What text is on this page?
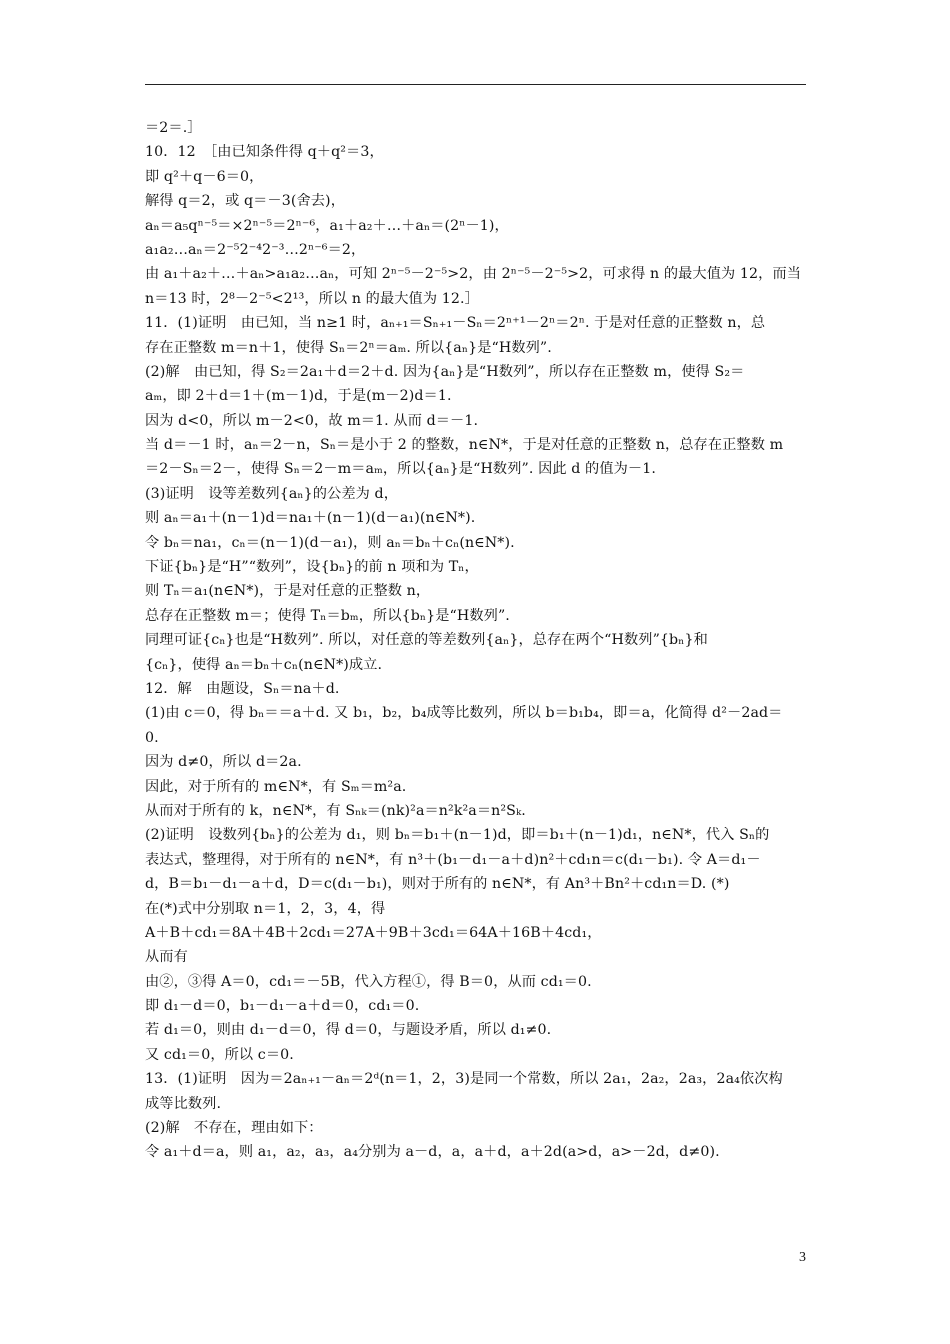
＝2＝.］
10．12　［由已知条件得 q＋q²＝3，
即 q²＋q－6＝0，
解得 q＝2，或 q＝－3(舍去)，
aₙ＝a₅qⁿ⁻⁵＝×2ⁿ⁻⁵＝2ⁿ⁻⁶，a₁＋a₂＋…＋aₙ＝(2ⁿ－1)，
a₁a₂…aₙ＝2⁻⁵2⁻⁴2⁻³…2ⁿ⁻⁶＝2，
由 a₁＋a₂＋…＋aₙ>a₁a₂…aₙ，可知 2ⁿ⁻⁵－2⁻⁵>2，由 2ⁿ⁻⁵－2⁻⁵>2，可求得 n 的最大值为 12，而当
n＝13 时，2⁸－2⁻⁵<2¹³，所以 n 的最大值为 12.］
11．(1)证明　由已知，当 n≥1 时，aₙ₊₁＝Sₙ₊₁－Sₙ＝2ⁿ⁺¹－2ⁿ＝2ⁿ. 于是对任意的正整数 n，总
存在正整数 m＝n＋1，使得 Sₙ＝2ⁿ＝aₘ. 所以{aₙ}是“H数列”.
(2)解　由已知，得 S₂＝2a₁＋d＝2＋d. 因为{aₙ}是“H数列”，所以存在正整数 m，使得 S₂＝
aₘ，即 2＋d＝1＋(m－1)d，于是(m－2)d＝1.
因为 d<0，所以 m－2<0，故 m＝1. 从而 d＝－1.
当 d＝－1 时，aₙ＝2－n，Sₙ＝是小于 2 的整数，n∈N*，于是对任意的正整数 n，总存在正整数 m
＝2－Sₙ＝2－，使得 Sₙ＝2－m＝aₘ，所以{aₙ}是“H数列”. 因此 d 的值为－1.
(3)证明　设等差数列{aₙ}的公差为 d，
则 aₙ＝a₁＋(n－1)d＝na₁＋(n－1)(d－a₁)(n∈N*).
令 bₙ＝na₁，cₙ＝(n－1)(d－a₁)，则 aₙ＝bₙ＋cₙ(n∈N*).
下证{bₙ}是“H”“数列”，设{bₙ}的前 n 项和为 Tₙ，
则 Tₙ＝a₁(n∈N*)，于是对任意的正整数 n，
总存在正整数 m＝；使得 Tₙ＝bₘ，所以{bₙ}是“H数列”.
同理可证{cₙ}也是“H数列”. 所以，对任意的等差数列{aₙ}，总存在两个“H数列”{bₙ}和
{cₙ}，使得 aₙ＝bₙ＋cₙ(n∈N*)成立.
12．解　由题设，Sₙ＝na＋d.
(1)由 c＝0，得 bₙ＝＝a＋d. 又 b₁，b₂，b₄成等比数列，所以 b＝b₁b₄，即＝a，化简得 d²－2ad＝
0.
因为 d≠0，所以 d＝2a.
因此，对于所有的 m∈N*，有 Sₘ＝m²a.
从而对于所有的 k，n∈N*，有 Sₙₖ＝(nk)²a＝n²k²a＝n²Sₖ.
(2)证明　设数列{bₙ}的公差为 d₁，则 bₙ＝b₁＋(n－1)d，即＝b₁＋(n－1)d₁，n∈N*，代入 Sₙ的
表达式，整理得，对于所有的 n∈N*，有 n³＋(b₁－d₁－a＋d)n²＋cd₁n＝c(d₁－b₁). 令 A＝d₁－
d，B＝b₁－d₁－a＋d，D＝c(d₁－b₁)，则对于所有的 n∈N*，有 An³＋Bn²＋cd₁n＝D. (*)
在(*)式中分别取 n＝1，2，3，4，得
A＋B＋cd₁＝8A＋4B＋2cd₁＝27A＋9B＋3cd₁＝64A＋16B＋4cd₁，
从而有
由②，③得 A＝0，cd₁＝－5B，代入方程①，得 B＝0，从而 cd₁＝0.
即 d₁－d＝0，b₁－d₁－a＋d＝0，cd₁＝0.
若 d₁＝0，则由 d₁－d＝0，得 d＝0，与题设矛盾，所以 d₁≠0.
又 cd₁＝0，所以 c＝0.
13．(1)证明　因为＝2aₙ₊₁－aₙ＝2ᵈ(n＝1，2，3)是同一个常数，所以 2a₁，2a₂，2a₃，2a₄依次构
成等比数列.
(2)解　不存在，理由如下：
令 a₁＋d＝a，则 a₁，a₂，a₃，a₄分别为 a－d，a，a＋d，a＋2d(a>d，a>－2d，d≠0).
3
